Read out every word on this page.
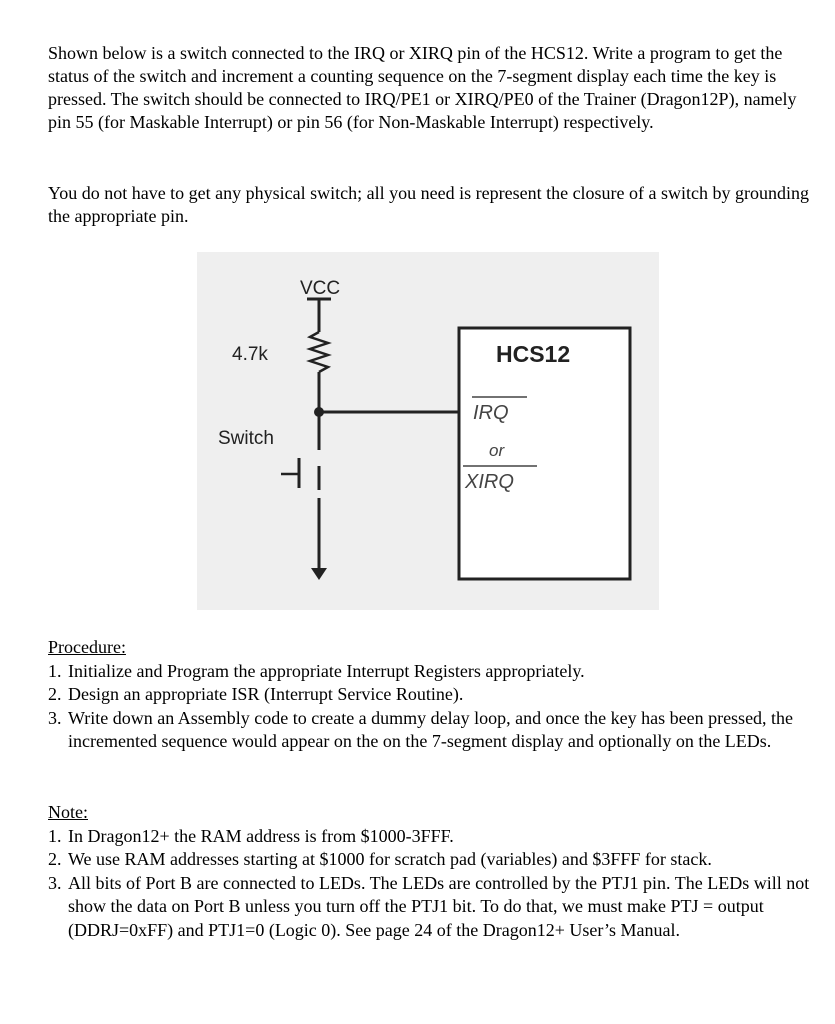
Shown below is a switch connected to the IRQ or XIRQ pin of the HCS12. Write a program to get the status of the switch and increment a counting sequence on the 7-segment display each time the key is pressed. The switch should be connected to IRQ/PE1 or XIRQ/PE0 of the Trainer (Dragon12P), namely pin 55 (for Maskable Interrupt) or pin 56 (for Non-Maskable Interrupt) respectively.

You do not have to get any physical switch; all you need is represent the closure of a switch by grounding the appropriate pin.

VCC
4.7k
Switch
HCS12
IRQ
or
XIRQ
Procedure:
1. Initialize and Program the appropriate Interrupt Registers appropriately.
2. Design an appropriate ISR (Interrupt Service Routine).
3. Write down an Assembly code to create a dummy delay loop, and once the key has been pressed, the incremented sequence would appear on the on the 7-segment display and optionally on the LEDs.
Note:
1. In Dragon12+ the RAM address is from $1000-3FFF.
2. We use RAM addresses starting at $1000 for scratch pad (variables) and $3FFF for stack.
3. All bits of Port B are connected to LEDs. The LEDs are controlled by the PTJ1 pin. The LEDs will not show the data on Port B unless you turn off the PTJ1 bit. To do that, we must make PTJ = output (DDRJ=0xFF) and PTJ1=0 (Logic 0). See page 24 of the Dragon12+ User’s Manual.
